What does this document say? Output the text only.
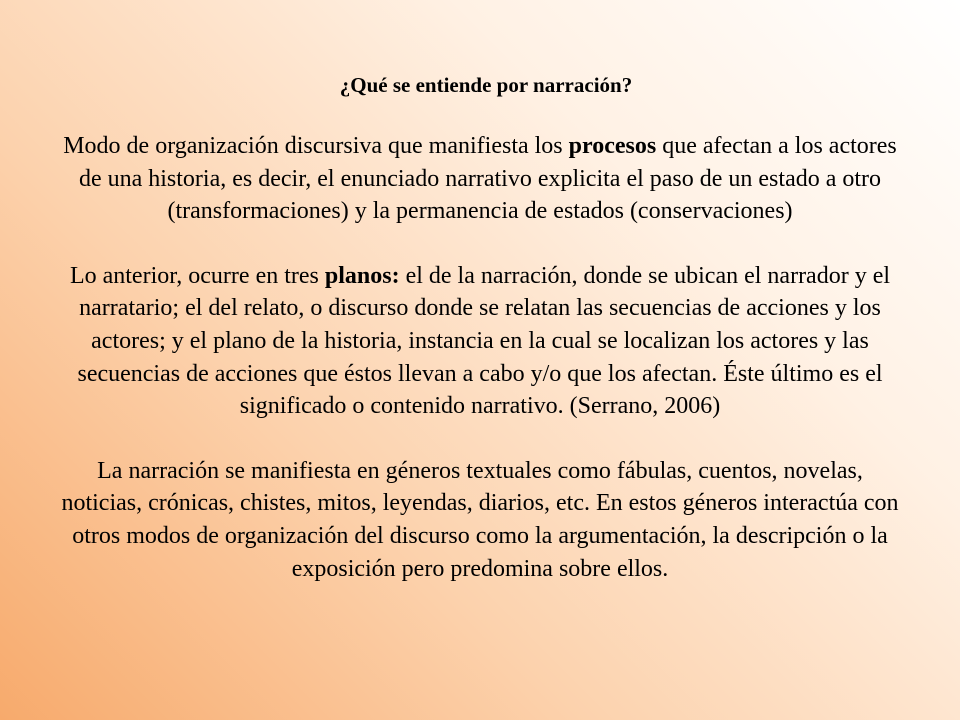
¿Qué se entiende por narración?
Modo de organización discursiva que manifiesta los procesos que afectan a los actores de una historia, es decir, el enunciado narrativo explicita el paso de un estado a otro (transformaciones) y la permanencia de estados (conservaciones)
Lo anterior, ocurre en tres planos: el de la narración, donde se ubican el narrador y el narratario; el del relato, o discurso donde se relatan las secuencias de acciones y los actores; y el plano de la historia, instancia en la cual se localizan los actores y las secuencias de acciones que éstos llevan a cabo y/o que los afectan. Éste último es el significado o contenido narrativo. (Serrano, 2006)
La narración se manifiesta en géneros textuales como fábulas, cuentos, novelas, noticias, crónicas, chistes, mitos, leyendas, diarios, etc. En estos géneros interactúa con otros modos de organización del discurso como la argumentación, la descripción o la exposición pero predomina sobre ellos.
